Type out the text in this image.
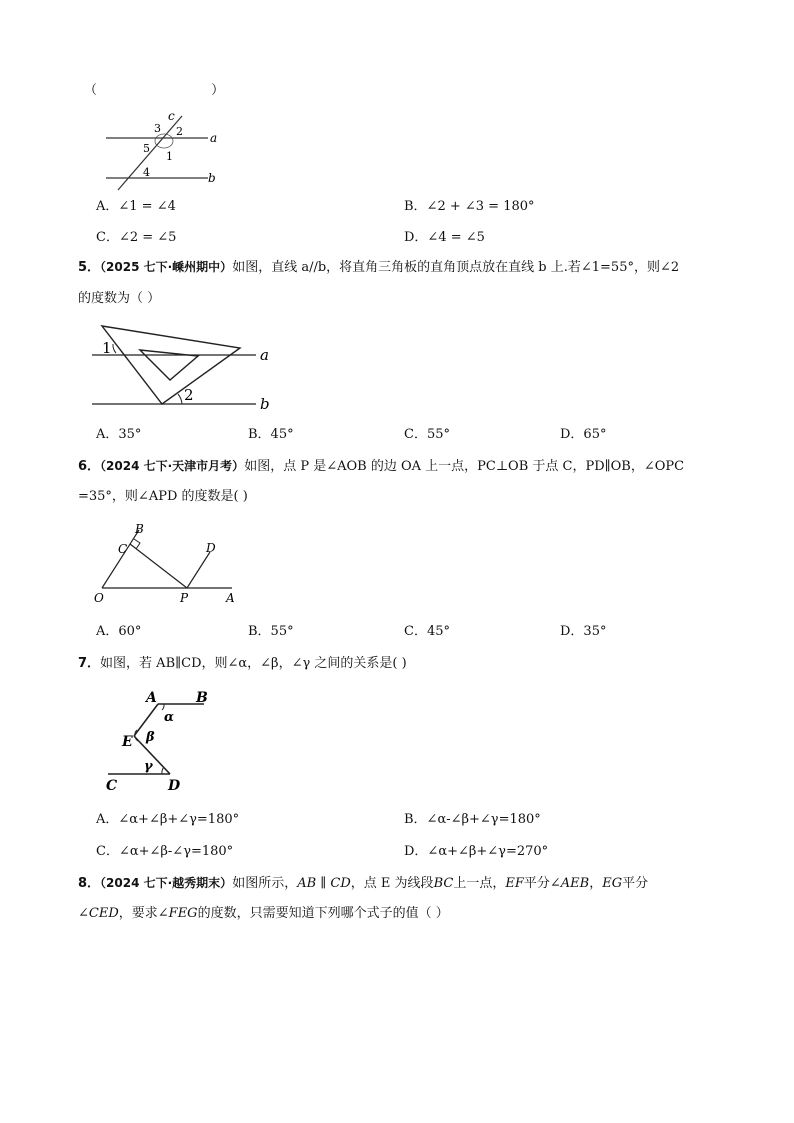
（ ）
c
a
b
3 2
5
1
4
A．∠1 = ∠4	B．∠2 + ∠3 = 180°
C．∠2 = ∠5	D．∠4 = ∠5
5．（2025 七下·嵊州期中）如图，直线 a//b，将直角三角板的直角顶点放在直线 b 上.若∠1=55°，则∠2
的度数为（ ）
1
2
a
b
A．35°	B．45°	C．55°	D．65°
6．（2024 七下·天津市月考）如图，点 P 是∠AOB 的边 OA 上一点，PC⊥OB 于点 C，PD∥OB，∠OPC
=35°，则∠APD 的度数是( )
B
C	D
O	P	A
A．60°	B．55°	C．45°	D．35°
7．如图，若 AB∥CD，则∠α，∠β，∠γ 之间的关系是( )
A	B
α
E β
γ
C	D
A．∠α+∠β+∠γ=180°	B．∠α-∠β+∠γ=180°
C．∠α+∠β-∠γ=180°	D．∠α+∠β+∠γ=270°
8．（2024 七下·越秀期末）如图所示，AB ∥ CD，点 E 为线段BC上一点，EF平分∠AEB，EG平分
∠CED，要求∠FEG的度数，只需要知道下列哪个式子的值（ ）
